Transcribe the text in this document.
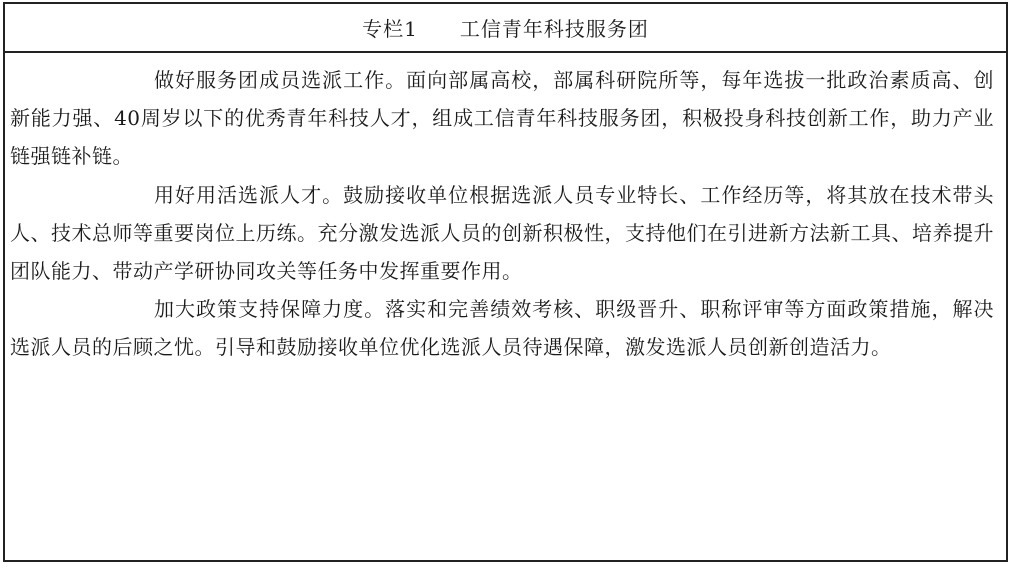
专栏1 工信青年科技服务团

做好服务团成员选派工作。面向部属高校，部属科研院所等，每年选拔一批政治素质高、创新能力强、40周岁以下的优秀青年科技人才，组成工信青年科技服务团，积极投身科技创新工作，助力产业链强链补链。

用好用活选派人才。鼓励接收单位根据选派人员专业特长、工作经历等，将其放在技术带头人、技术总师等重要岗位上历练。充分激发选派人员的创新积极性，支持他们在引进新方法新工具、培养提升团队能力、带动产学研协同攻关等任务中发挥重要作用。

加大政策支持保障力度。落实和完善绩效考核、职级晋升、职称评审等方面政策措施，解决选派人员的后顾之忧。引导和鼓励接收单位优化选派人员待遇保障，激发选派人员创新创造活力。
